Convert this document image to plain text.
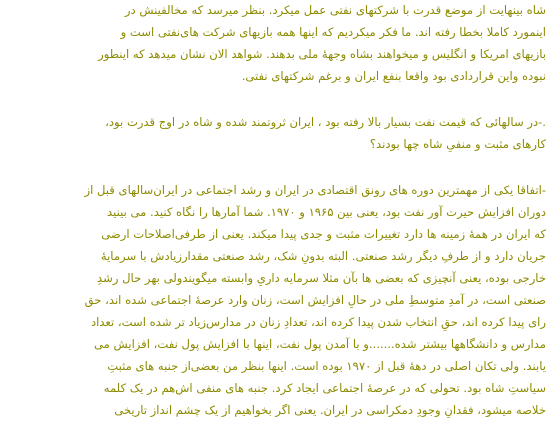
شاه بینهایت از موضع قدرت با شرکتهای نفتی عمل میکرد. بنظر میرسد که مخالفینش در
اینمورد کاملا بخطا رفته اند. ما فکر میکردیم که اینها همه بازیهای شرکت های‌نفتی است و
بازیهای امریکا و انگلیس و میخواهند بشاه وجههٔ ملی بدهند. شواهد الان نشان میدهد که اینطور
نبوده واین قراردادی بود واقعا بنفع ایران و برغم شرکتهای نفتی.
.-در سالهائی که قیمت نفت بسیار بالا رفته بود ، ایران ثروتمند شده و شاه در اوج قدرت بود،
کارهای مثبت و منفیِ شاه چها بودند؟
-اتفاقا یکی از مهمترین دوره های رونق اقتصادی در ایران و رشد اجتماعی در ایران‌سالهای قبل از
دوران افزایش حیرت آور نفت بود، یعنی بین ۱۹۶۵ و ۱۹۷۰. شما آمارها را نگاه کنید. می بینید
که ایران در همهٔ زمینه ها دارد تغییرات مثبت و جدی پیدا میکند. یعنی از طرفی‌اصلاحات ارضی
جریان دارد و از طرفِ دیگر رشد صنعتی. البته بدونِ شک، رشد صنعتی مقدارزیادش با سرمایهٔ
خارجی بوده، یعنی آنچیزی که بعضی ها بآن مثلا سرمایه داریِ وابسته میگویندولی بهر حال رشدِ
صنعتی است، در آمدِ متوسطِ ملی در حالِ افزایش است، زنان وارد عرصهٔ اجتماعی شده اند، حق
رای پیدا کرده اند، حقِ انتخاب شدن پیدا کرده اند، تعدادِ زنان در مدارس‌زیاد تر شده است، تعداد
مدارس و دانشگاهها بیشتر شده.......و با آمدن پول نفت، اینها با افزایش پول نفت، افزایش می
یابند. ولی تکان اصلی در دههٔ قبل از ۱۹۷۰ بوده است. اینها بنظر من بعضی‌از جنبه های مثبتِ
سیاستِ شاه بود. تحولی که در عرصهٔ اجتماعی ایجاد کرد. جنبه های منفی اش‌هم در یک کلمه
خلاصه میشود، فقدانِ وجودِ دمکراسی در ایران. یعنی اگر بخواهیم از یک چشم انداز تاریخی
